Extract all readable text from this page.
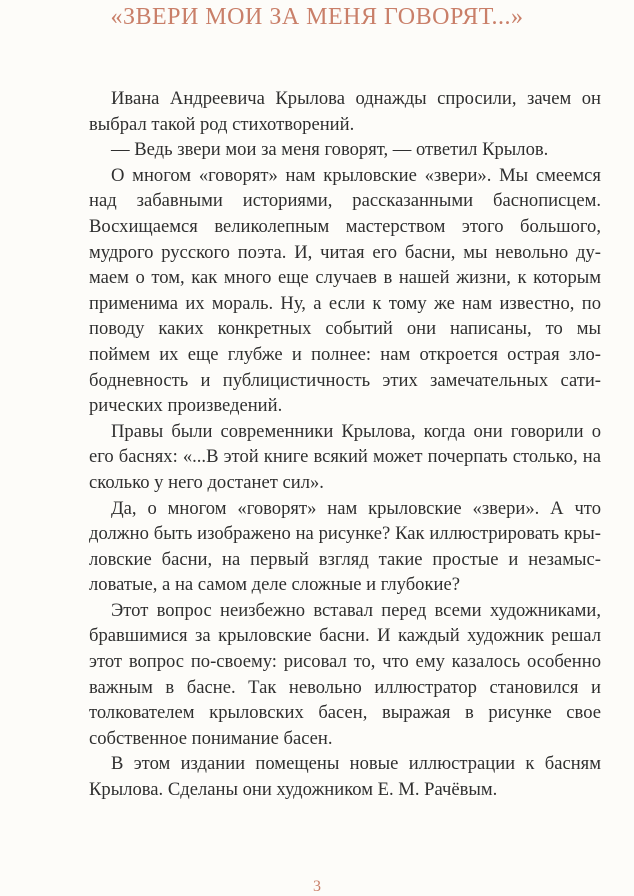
«ЗВЕРИ МОИ ЗА МЕНЯ ГОВОРЯТ...»

Ивана Андреевича Крылова однажды спросили, зачем он выбрал такой род стихотворений.

— Ведь звери мои за меня говорят, — ответил Крылов.

О многом «говорят» нам крыловские «звери». Мы смеемся над забавными историями, рассказанными баснописцем. Восхищаемся великолепным мастерством этого большого, мудрого русского поэта. И, читая его басни, мы невольно думаем о том, как много еще случаев в нашей жизни, к которым применима их мораль. Ну, а если к тому же нам известно, по поводу каких конкретных событий они написаны, то мы поймем их еще глубже и полнее: нам откроется острая злободневность и публицистичность этих замечательных сатирических произведений.

Правы были современники Крылова, когда они говорили о его баснях: «...В этой книге всякий может почерпать столько, на сколько у него достанет сил».

Да, о многом «говорят» нам крыловские «звери». А что должно быть изображено на рисунке? Как иллюстрировать крыловские басни, на первый взгляд такие простые и незамысловатые, а на самом деле сложные и глубокие?

Этот вопрос неизбежно вставал перед всеми художниками, бравшимися за крыловские басни. И каждый художник решал этот вопрос по-своему: рисовал то, что ему казалось особенно важным в басне. Так невольно иллюстратор становился и толкователем крыловских басен, выражая в рисунке свое собственное понимание басен.

В этом издании помещены новые иллюстрации к басням Крылова. Сделаны они художником Е. М. Рачёвым.

3
